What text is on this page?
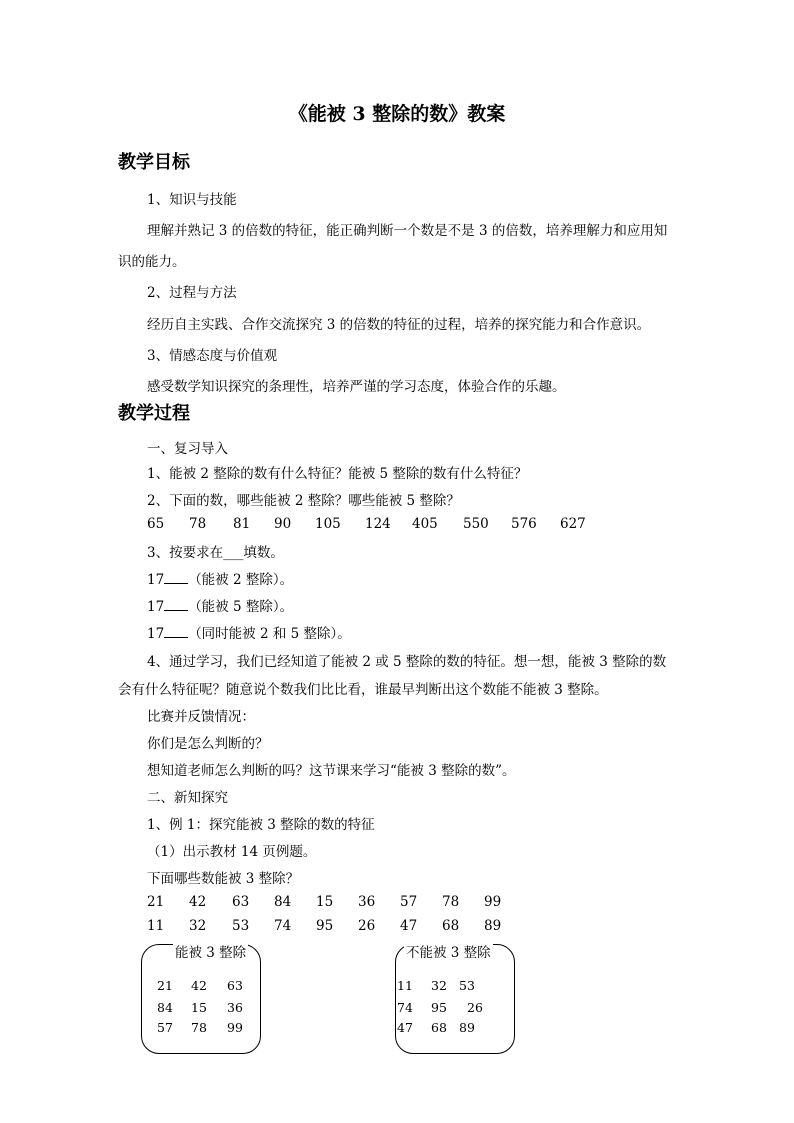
《能被 3 整除的数》教案
教学目标
1、知识与技能
理解并熟记 3 的倍数的特征，能正确判断一个数是不是 3 的倍数，培养理解力和应用知
识的能力。
2、过程与方法
经历自主实践、合作交流探究 3 的倍数的特征的过程，培养的探究能力和合作意识。
3、情感态度与价值观
感受数学知识探究的条理性，培养严谨的学习态度，体验合作的乐趣。
教学过程
一、复习导入
1、能被 2 整除的数有什么特征？能被 5 整除的数有什么特征？
2、下面的数，哪些能被 2 整除？哪些能被 5 整除？
65 78 81 90 105 124 405 550 576 627
3、按要求在___填数。
17 （能被 2 整除）。
17 （能被 5 整除）。
17 （同时能被 2 和 5 整除）。
4、通过学习，我们已经知道了能被 2 或 5 整除的数的特征。想一想，能被 3 整除的数
会有什么特征呢？随意说个数我们比比看，谁最早判断出这个数能不能被 3 整除。
比赛并反馈情况：
你们是怎么判断的？
想知道老师怎么判断的吗？这节课来学习“能被 3 整除的数”。
二、新知探究
1、例 1：探究能被 3 整除的数的特征
（1）出示教材 14 页例题。
下面哪些数能被 3 整除？
21 42 63 84 15 36 57 78 99
11 32 53 74 95 26 47 68 89
能被 3 整除
21 42 63
84 15 36
57 78 99
不能被 3 整除
11 32 53
74 95 26
47 68 89
